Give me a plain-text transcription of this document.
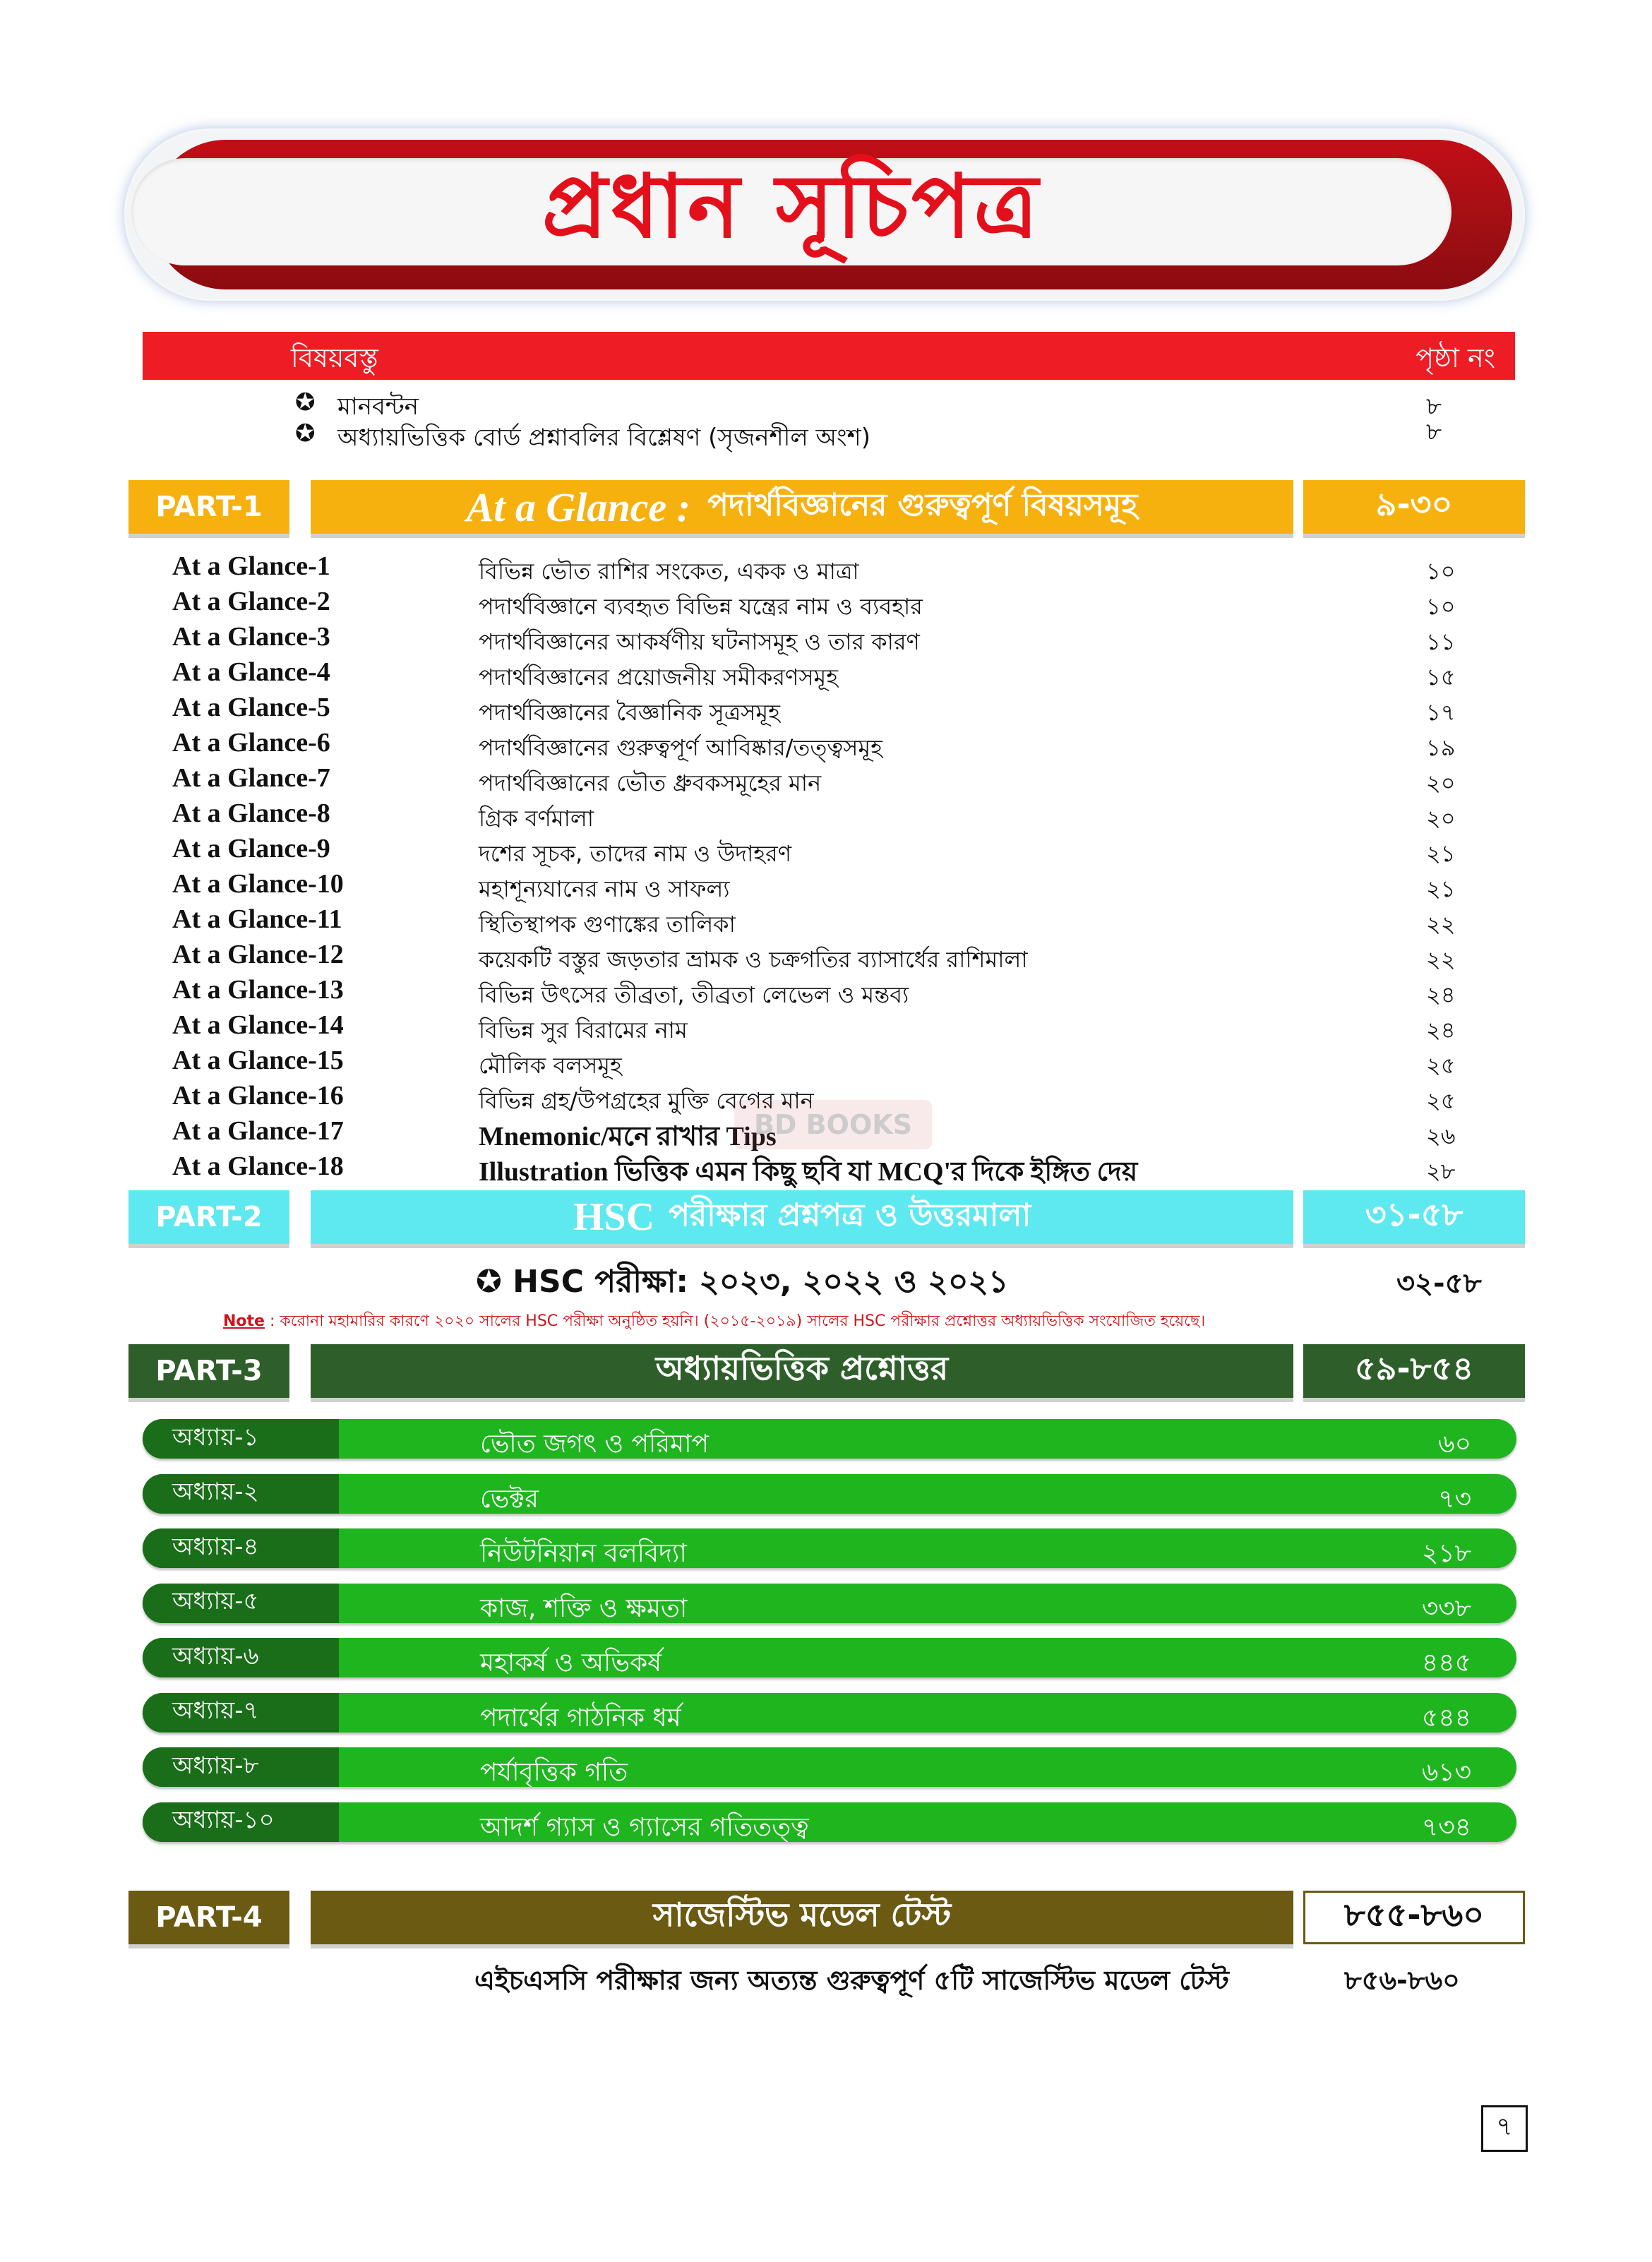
প্রধান সূচিপত্র
বিষয়বস্তু	পৃষ্ঠা নং
✪ মানবন্টন	৮
✪ অধ্যায়ভিত্তিক বোর্ড প্রশ্নাবলির বিশ্লেষণ (সৃজনশীল অংশ)	৮
PART-1	At a Glance : পদার্থবিজ্ঞানের গুরুত্বপূর্ণ বিষয়সমূহ	৯-৩০
At a Glance-1	বিভিন্ন ভৌত রাশির সংকেত, একক ও মাত্রা	১০
At a Glance-2	পদার্থবিজ্ঞানে ব্যবহৃত বিভিন্ন যন্ত্রের নাম ও ব্যবহার	১০
At a Glance-3	পদার্থবিজ্ঞানের আকর্ষণীয় ঘটনাসমূহ ও তার কারণ	১১
At a Glance-4	পদার্থবিজ্ঞানের প্রয়োজনীয় সমীকরণসমূহ	১৫
At a Glance-5	পদার্থবিজ্ঞানের বৈজ্ঞানিক সূত্রসমূহ	১৭
At a Glance-6	পদার্থবিজ্ঞানের গুরুত্বপূর্ণ আবিষ্কার/তত্ত্বসমূহ	১৯
At a Glance-7	পদার্থবিজ্ঞানের ভৌত ধ্রুবকসমূহের মান	২০
At a Glance-8	গ্রিক বর্ণমালা	২০
At a Glance-9	দশের সূচক, তাদের নাম ও উদাহরণ	২১
At a Glance-10	মহাশূন্যযানের নাম ও সাফল্য	২১
At a Glance-11	স্থিতিস্থাপক গুণাঙ্কের তালিকা	২২
At a Glance-12	কয়েকটি বস্তুর জড়তার ভ্রামক ও চক্রগতির ব্যাসার্ধের রাশিমালা	২২
At a Glance-13	বিভিন্ন উৎসের তীব্রতা, তীব্রতা লেভেল ও মন্তব্য	২৪
At a Glance-14	বিভিন্ন সুর বিরামের নাম	২৪
At a Glance-15	মৌলিক বলসমূহ	২৫
At a Glance-16	বিভিন্ন গ্রহ/উপগ্রহের মুক্তি বেগের মান	২৫
At a Glance-17	Mnemonic/মনে রাখার Tips	২৬
At a Glance-18	Illustration ভিত্তিক এমন কিছু ছবি যা MCQ'র দিকে ইঙ্গিত দেয়	২৮
BD BOOKS
PART-2	HSC পরীক্ষার প্রশ্নপত্র ও উত্তরমালা	৩১-৫৮
✪ HSC পরীক্ষা: ২০২৩, ২০২২ ও ২০২১	৩২-৫৮
Note : করোনা মহামারির কারণে ২০২০ সালের HSC পরীক্ষা অনুষ্ঠিত হয়নি। (২০১৫-২০১৯) সালের HSC পরীক্ষার প্রশ্নোত্তর অধ্যায়ভিত্তিক সংযোজিত হয়েছে।
PART-3	অধ্যায়ভিত্তিক প্রশ্নোত্তর	৫৯-৮৫৪
অধ্যায়-১	ভৌত জগৎ ও পরিমাপ	৬০
অধ্যায়-২	ভেক্টর	৭৩
অধ্যায়-৪	নিউটনিয়ান বলবিদ্যা	২১৮
অধ্যায়-৫	কাজ, শক্তি ও ক্ষমতা	৩৩৮
অধ্যায়-৬	মহাকর্ষ ও অভিকর্ষ	৪৪৫
অধ্যায়-৭	পদার্থের গাঠনিক ধর্ম	৫৪৪
অধ্যায়-৮	পর্যাবৃত্তিক গতি	৬১৩
অধ্যায়-১০	আদর্শ গ্যাস ও গ্যাসের গতিতত্ত্ব	৭৩৪
PART-4	সাজেস্টিভ মডেল টেস্ট	৮৫৫-৮৬০
এইচএসসি পরীক্ষার জন্য অত্যন্ত গুরুত্বপূর্ণ ৫টি সাজেস্টিভ মডেল টেস্ট	৮৫৬-৮৬০
৭
